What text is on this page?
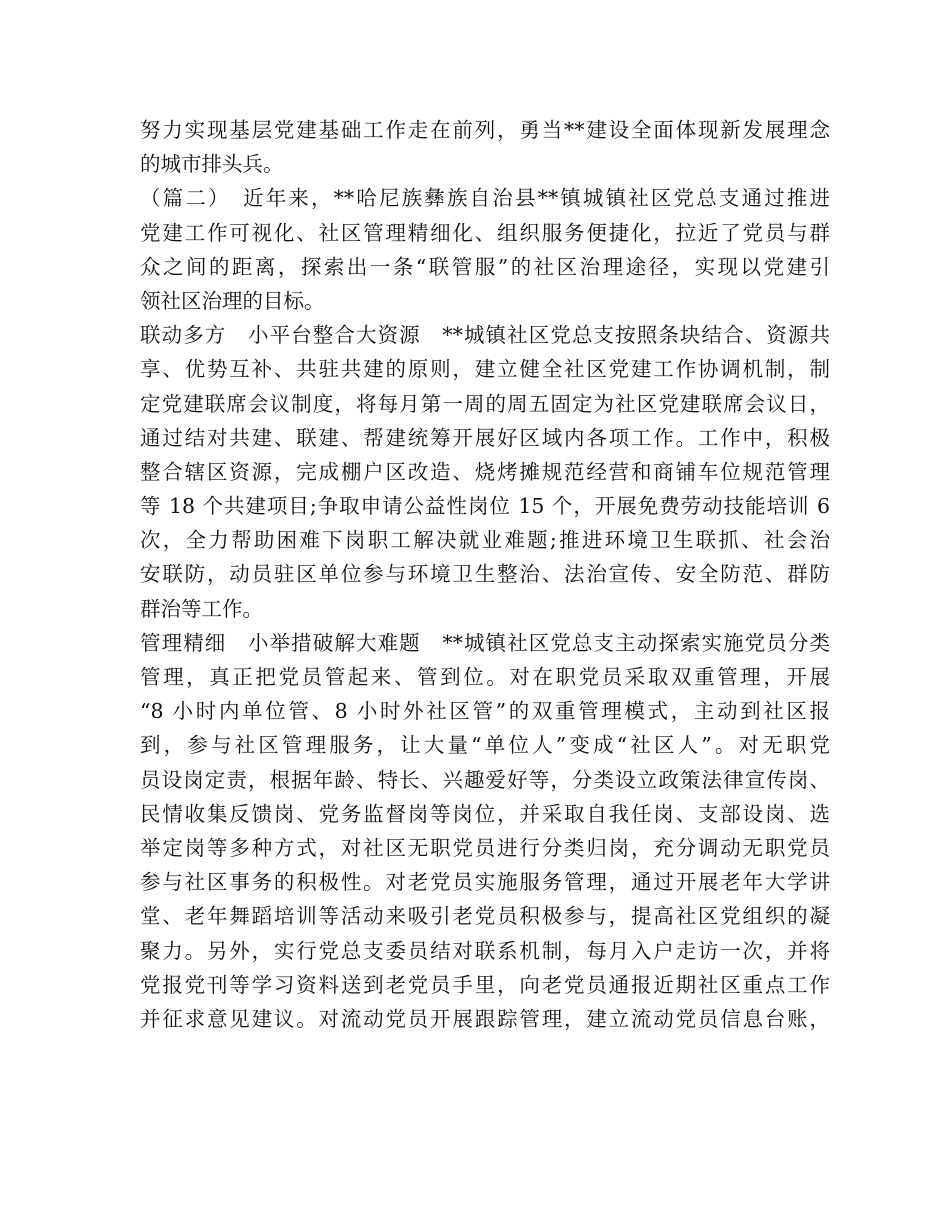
努力实现基层党建基础工作走在前列，勇当**建设全面体现新发展理念
的城市排头兵。
（篇二）　近年来，**哈尼族彝族自治县**镇城镇社区党总支通过推进
党建工作可视化、社区管理精细化、组织服务便捷化，拉近了党员与群
众之间的距离，探索出一条“联管服”的社区治理途径，实现以党建引
领社区治理的目标。
联动多方　小平台整合大资源　**城镇社区党总支按照条块结合、资源共
享、优势互补、共驻共建的原则，建立健全社区党建工作协调机制，制
定党建联席会议制度，将每月第一周的周五固定为社区党建联席会议日，
通过结对共建、联建、帮建统筹开展好区域内各项工作。工作中，积极
整合辖区资源，完成棚户区改造、烧烤摊规范经营和商铺车位规范管理
等 18 个共建项目;争取申请公益性岗位 15 个，开展免费劳动技能培训 6
次，全力帮助困难下岗职工解决就业难题;推进环境卫生联抓、社会治
安联防，动员驻区单位参与环境卫生整治、法治宣传、安全防范、群防
群治等工作。
管理精细　小举措破解大难题　**城镇社区党总支主动探索实施党员分类
管理，真正把党员管起来、管到位。对在职党员采取双重管理，开展
“8 小时内单位管、8 小时外社区管”的双重管理模式，主动到社区报
到，参与社区管理服务，让大量“单位人”变成“社区人”。对无职党
员设岗定责，根据年龄、特长、兴趣爱好等，分类设立政策法律宣传岗、
民情收集反馈岗、党务监督岗等岗位，并采取自我任岗、支部设岗、选
举定岗等多种方式，对社区无职党员进行分类归岗，充分调动无职党员
参与社区事务的积极性。对老党员实施服务管理，通过开展老年大学讲
堂、老年舞蹈培训等活动来吸引老党员积极参与，提高社区党组织的凝
聚力。另外，实行党总支委员结对联系机制，每月入户走访一次，并将
党报党刊等学习资料送到老党员手里，向老党员通报近期社区重点工作
并征求意见建议。对流动党员开展跟踪管理，建立流动党员信息台账，
